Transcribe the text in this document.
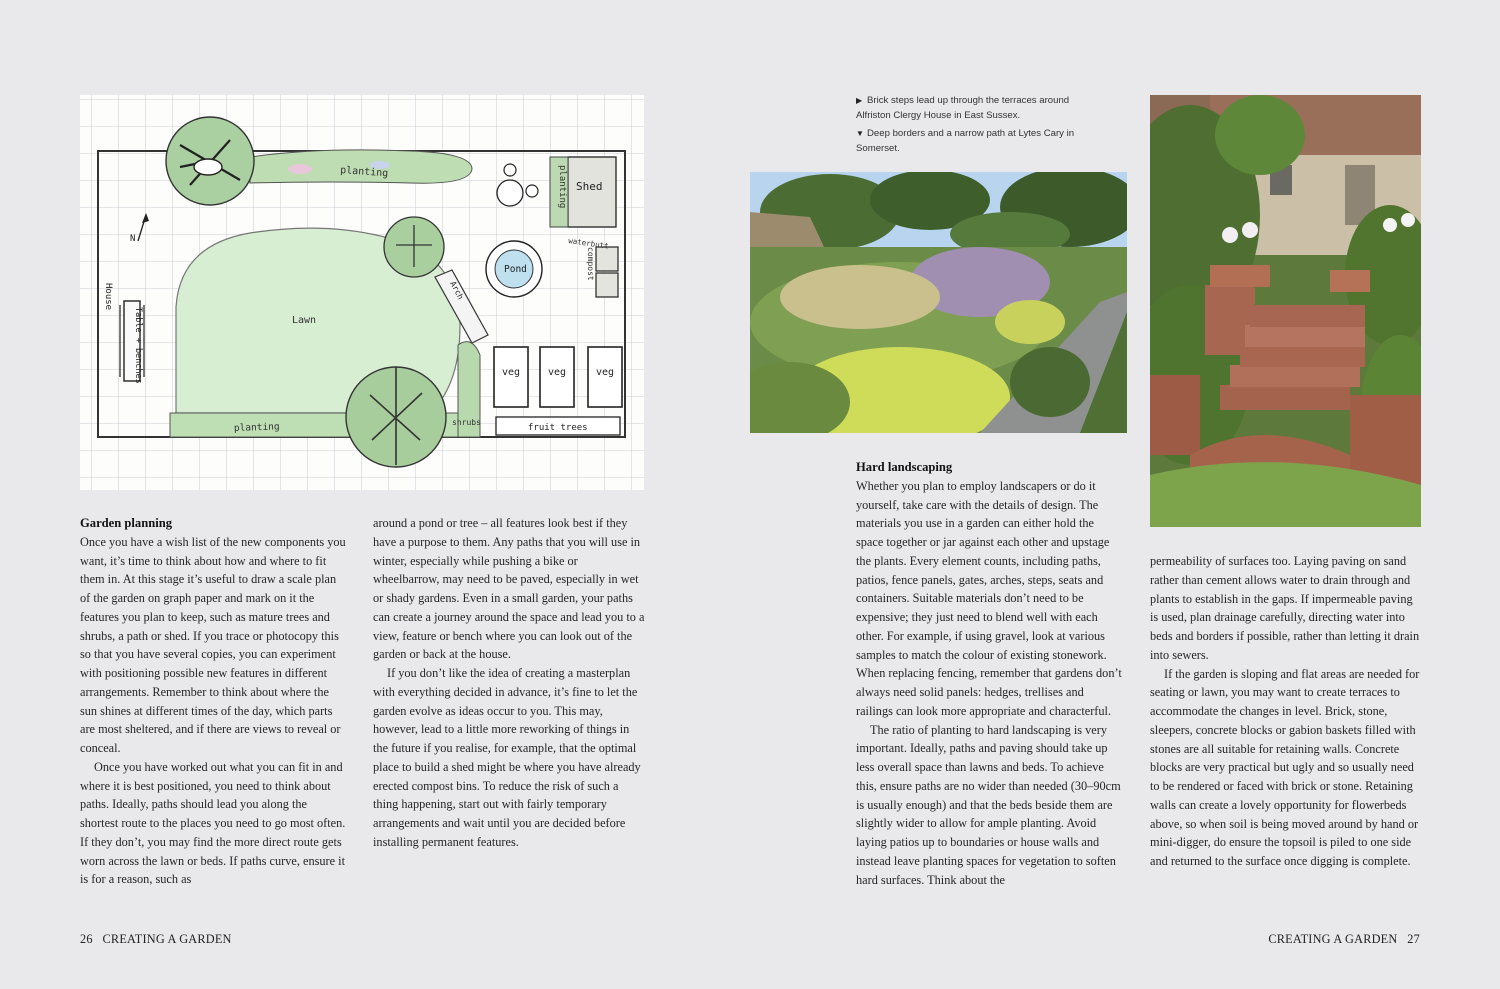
N
planting	planting Shed
waterbutt
compost
Pond
House
Table + benches	Lawn
Arch
veg	veg	veg
planting	shrubs
fruit trees
▶ Brick steps lead up through the terraces around Alfriston Clergy House in East Sussex.
▼ Deep borders and a narrow path at Lytes Cary in Somerset.
Garden planning

Once you have a wish list of the new components you want, it’s time to think about how and where to fit them in. At this stage it’s useful to draw a scale plan of the garden on graph paper and mark on it the features you plan to keep, such as mature trees and shrubs, a path or shed. If you trace or photocopy this so that you have several copies, you can experiment with positioning possible new features in different arrangements. Remember to think about where the sun shines at different times of the day, which parts are most sheltered, and if there are views to reveal or conceal.

Once you have worked out what you can fit in and where it is best positioned, you need to think about paths. Ideally, paths should lead you along the shortest route to the places you need to go most often. If they don’t, you may find the more direct route gets worn across the lawn or beds. If paths curve, ensure it is for a reason, such as

around a pond or tree – all features look best if they have a purpose to them. Any paths that you will use in winter, especially while pushing a bike or wheelbarrow, may need to be paved, especially in wet or shady gardens. Even in a small garden, your paths can create a journey around the space and lead you to a view, feature or bench where you can look out of the garden or back at the house.

If you don’t like the idea of creating a masterplan with everything decided in advance, it’s fine to let the garden evolve as ideas occur to you. This may, however, lead to a little more reworking of things in the future if you realise, for example, that the optimal place to build a shed might be where you have already erected compost bins. To reduce the risk of such a thing happening, start out with fairly temporary arrangements and wait until you are decided before installing permanent features.

Hard landscaping

Whether you plan to employ landscapers or do it yourself, take care with the details of design. The materials you use in a garden can either hold the space together or jar against each other and upstage the plants. Every element counts, including paths, patios, fence panels, gates, arches, steps, seats and containers. Suitable materials don’t need to be expensive; they just need to blend well with each other. For example, if using gravel, look at various samples to match the colour of existing stonework. When replacing fencing, remember that gardens don’t always need solid panels: hedges, trellises and railings can look more appropriate and characterful.

The ratio of planting to hard landscaping is very important. Ideally, paths and paving should take up less overall space than lawns and beds. To achieve this, ensure paths are no wider than needed (30–90cm is usually enough) and that the beds beside them are slightly wider to allow for ample planting. Avoid laying patios up to boundaries or house walls and instead leave planting spaces for vegetation to soften hard surfaces. Think about the

permeability of surfaces too. Laying paving on sand rather than cement allows water to drain through and plants to establish in the gaps. If impermeable paving is used, plan drainage carefully, directing water into beds and borders if possible, rather than letting it drain into sewers.

If the garden is sloping and flat areas are needed for seating or lawn, you may want to create terraces to accommodate the changes in level. Brick, stone, sleepers, concrete blocks or gabion baskets filled with stones are all suitable for retaining walls. Concrete blocks are very practical but ugly and so usually need to be rendered or faced with brick or stone. Retaining walls can create a lovely opportunity for flowerbeds above, so when soil is being moved around by hand or mini-digger, do ensure the topsoil is piled to one side and returned to the surface once digging is complete.

26 CREATING A GARDEN	CREATING A GARDEN 27
